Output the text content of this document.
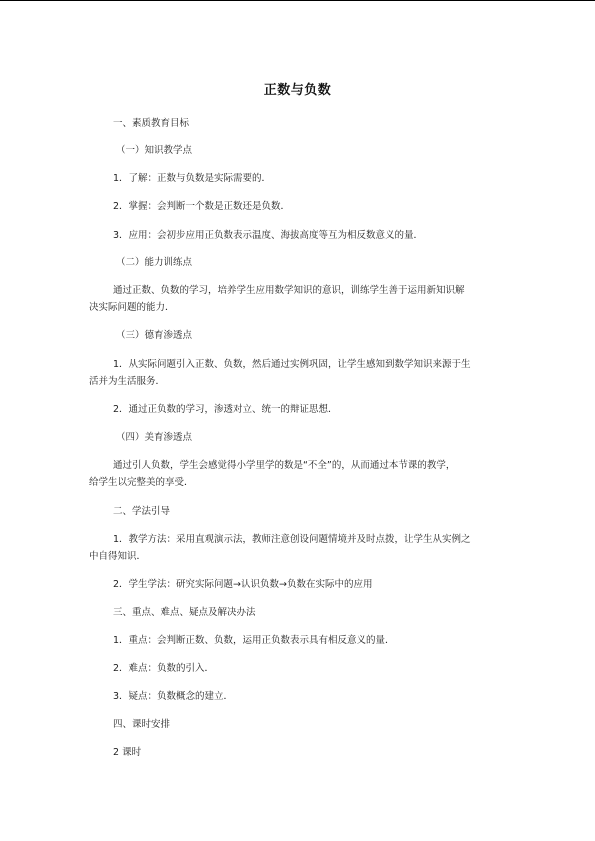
正数与负数
一、素质教育目标
（一）知识教学点
1．了解：正数与负数是实际需要的．
2．掌握：会判断一个数是正数还是负数．
3．应用：会初步应用正负数表示温度、海拔高度等互为相反数意义的量．
（二）能力训练点
通过正数、负数的学习，培养学生应用数学知识的意识，训练学生善于运用新知识解
决实际问题的能力．
（三）德育渗透点
1．从实际问题引入正数、负数，然后通过实例巩固，让学生感知到数学知识来源于生
活并为生活服务．
2．通过正负数的学习，渗透对立、统一的辩证思想．
（四）美育渗透点
通过引人负数，学生会感觉得小学里学的数是“不全”的，从而通过本节课的教学，
给学生以完整美的享受．
二、学法引导
1．教学方法：采用直观演示法，教师注意创设问题情境并及时点拨，让学生从实例之
中自得知识．
2．学生学法：研究实际问题→认识负数→负数在实际中的应用
三、重点、难点、疑点及解决办法
1．重点：会判断正数、负数，运用正负数表示具有相反意义的量．
2．难点：负数的引入．
3．疑点：负数概念的建立．
四、课时安排
2 课时
